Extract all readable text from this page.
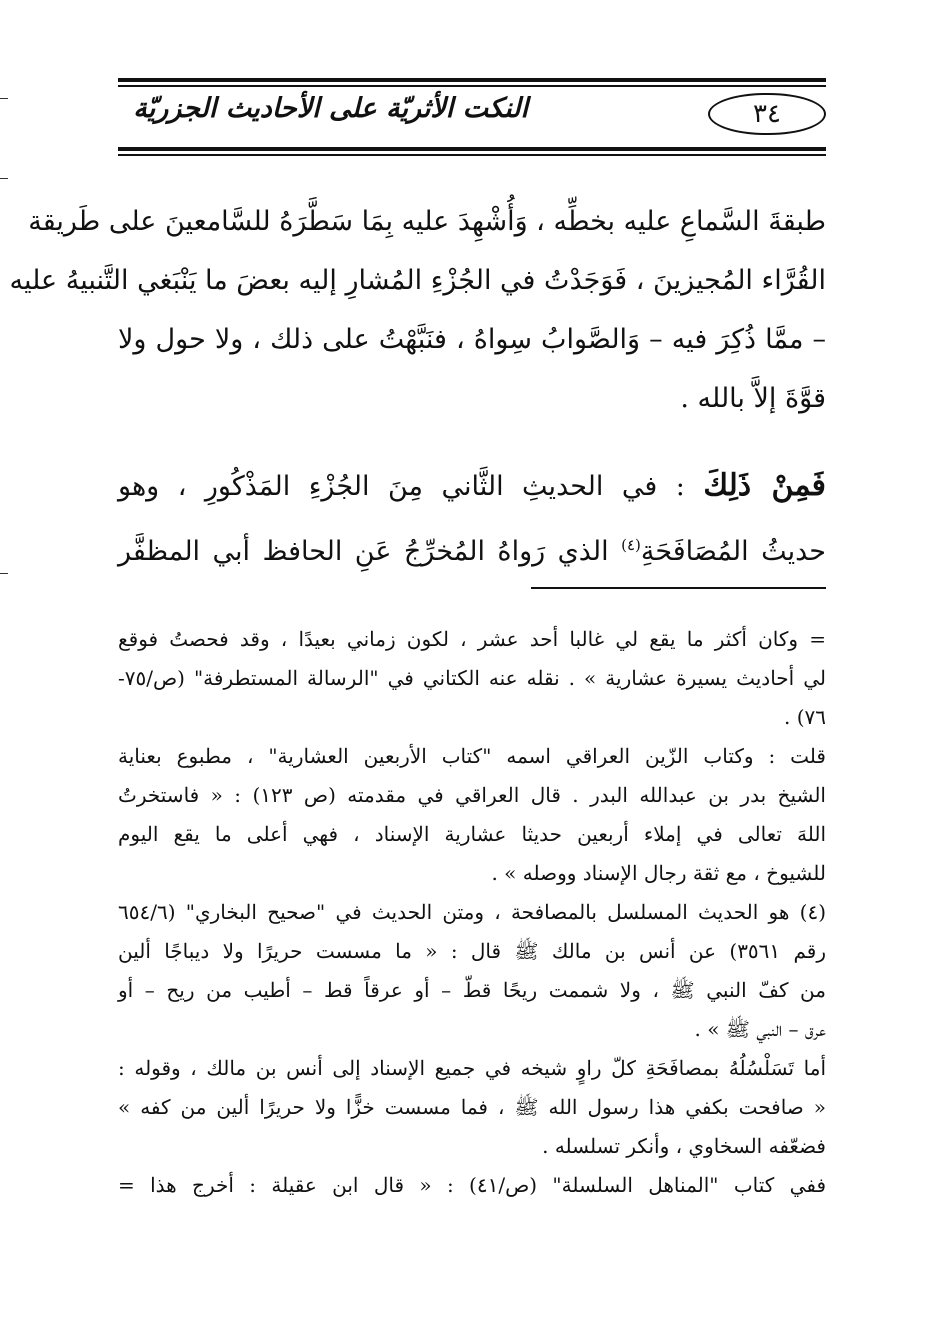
النكت الأثريّة على الأحاديث الجزريّة	٣٤
طبقةَ السَّماعِ عليه بخطِّه ، وَأُشْهِدَ عليه بِمَا سَطَّرَهُ للسَّامعينَ على طَريقة
القُرَّاء المُجيزينَ ، فَوَجَدْتُ في الجُزْءِ المُشارِ إليه بعضَ ما يَنْبَغي التَّنبيهُ عليه
– ممَّا ذُكِرَ فيه – وَالصَّوابُ سِواهُ ، فنَبَّهْتُ على ذلك ، ولا حول ولا
قوَّةَ إلاَّ بالله .
فَمِنْ ذَلِكَ : في الحديثِ الثَّاني مِنَ الجُزْءِ المَذْكُورِ ، وهو
حديثُ المُصَافَحَةِ$^{(٤)}$ الذي رَواهُ المُخرِّجُ عَنِ الحافظ أبي المظفَّر
= وكان أكثر ما يقع لي غالبا أحد عشر ، لكون زماني بعيدًا ، وقد فحصتُ فوقع
لي أحاديث يسيرة عشارية » . نقله عنه الكتاني في "الرسالة المستطرفة" (ص/٧٥-
٧٦) .
قلت : وكتاب الزّين العراقي اسمه "كتاب الأربعين العشارية" ، مطبوع بعناية
الشيخ بدر بن عبدالله البدر . قال العراقي في مقدمته (ص ١٢٣) : « فاستخرتُ
اللهَ تعالى في إملاء أربعين حديثا عشارية الإسناد ، فهي أعلى ما يقع اليوم
للشيوخ ، مع ثقة رجال الإسناد ووصله » .
(٤) هو الحديث المسلسل بالمصافحة ، ومتن الحديث في "صحيح البخاري" (٦٥٤/٦
رقم ٣٥٦١) عن أنس بن مالك ﷺ قال : « ما مسست حريرًا ولا ديباجًا ألين
من كفّ النبي ﷺ ، ولا شممت ريحًا قطّ – أو عرقاً قط – أطيب من ريح – أو
عرق – النبي ﷺ » .
أما تَسَلْسُلُهُ بمصافَحَةِ كلّ راوٍ شيخه في جميع الإسناد إلى أنس بن مالك ، وقوله :
« صافحت بكفي هذا رسول الله ﷺ ، فما مسست خزًّا ولا حريرًا ألين من كفه »
فضعّفه السخاوي ، وأنكر تسلسله .
ففي كتاب "المناهل السلسلة" (ص/٤١) : « قال ابن عقيلة : أخرج هذا =
